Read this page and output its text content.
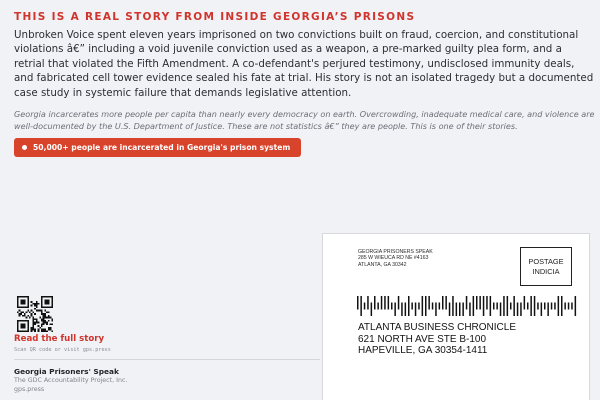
THIS IS A REAL STORY FROM INSIDE GEORGIA’S PRISONS
Unbroken Voice spent eleven years imprisoned on two convictions built on fraud, coercion, and constitutional violations â€” including a void juvenile conviction used as a weapon, a pre-marked guilty plea form, and a retrial that violated the Fifth Amendment. A co-defendant's perjured testimony, undisclosed immunity deals, and fabricated cell tower evidence sealed his fate at trial. His story is not an isolated tragedy but a documented case study in systemic failure that demands legislative attention.
Georgia incarcerates more people per capita than nearly every democracy on earth. Overcrowding, inadequate medical care, and violence are well-documented by the U.S. Department of Justice. These are not statistics â€” they are people. This is one of their stories.
50,000+ people are incarcerated in Georgia's prison system
Read the full story
Scan QR code or visit gps.press
Georgia Prisoners' Speak
The GDC Accountability Project, Inc.
gps.press
GEORGIA PRISONERS SPEAK
285 W WIEUCA RD NE #4163
ATLANTA, GA 30342	POSTAGE
INDICIA
ATLANTA BUSINESS CHRONICLE
621 NORTH AVE STE B-100
HAPEVILLE, GA 30354-1411
